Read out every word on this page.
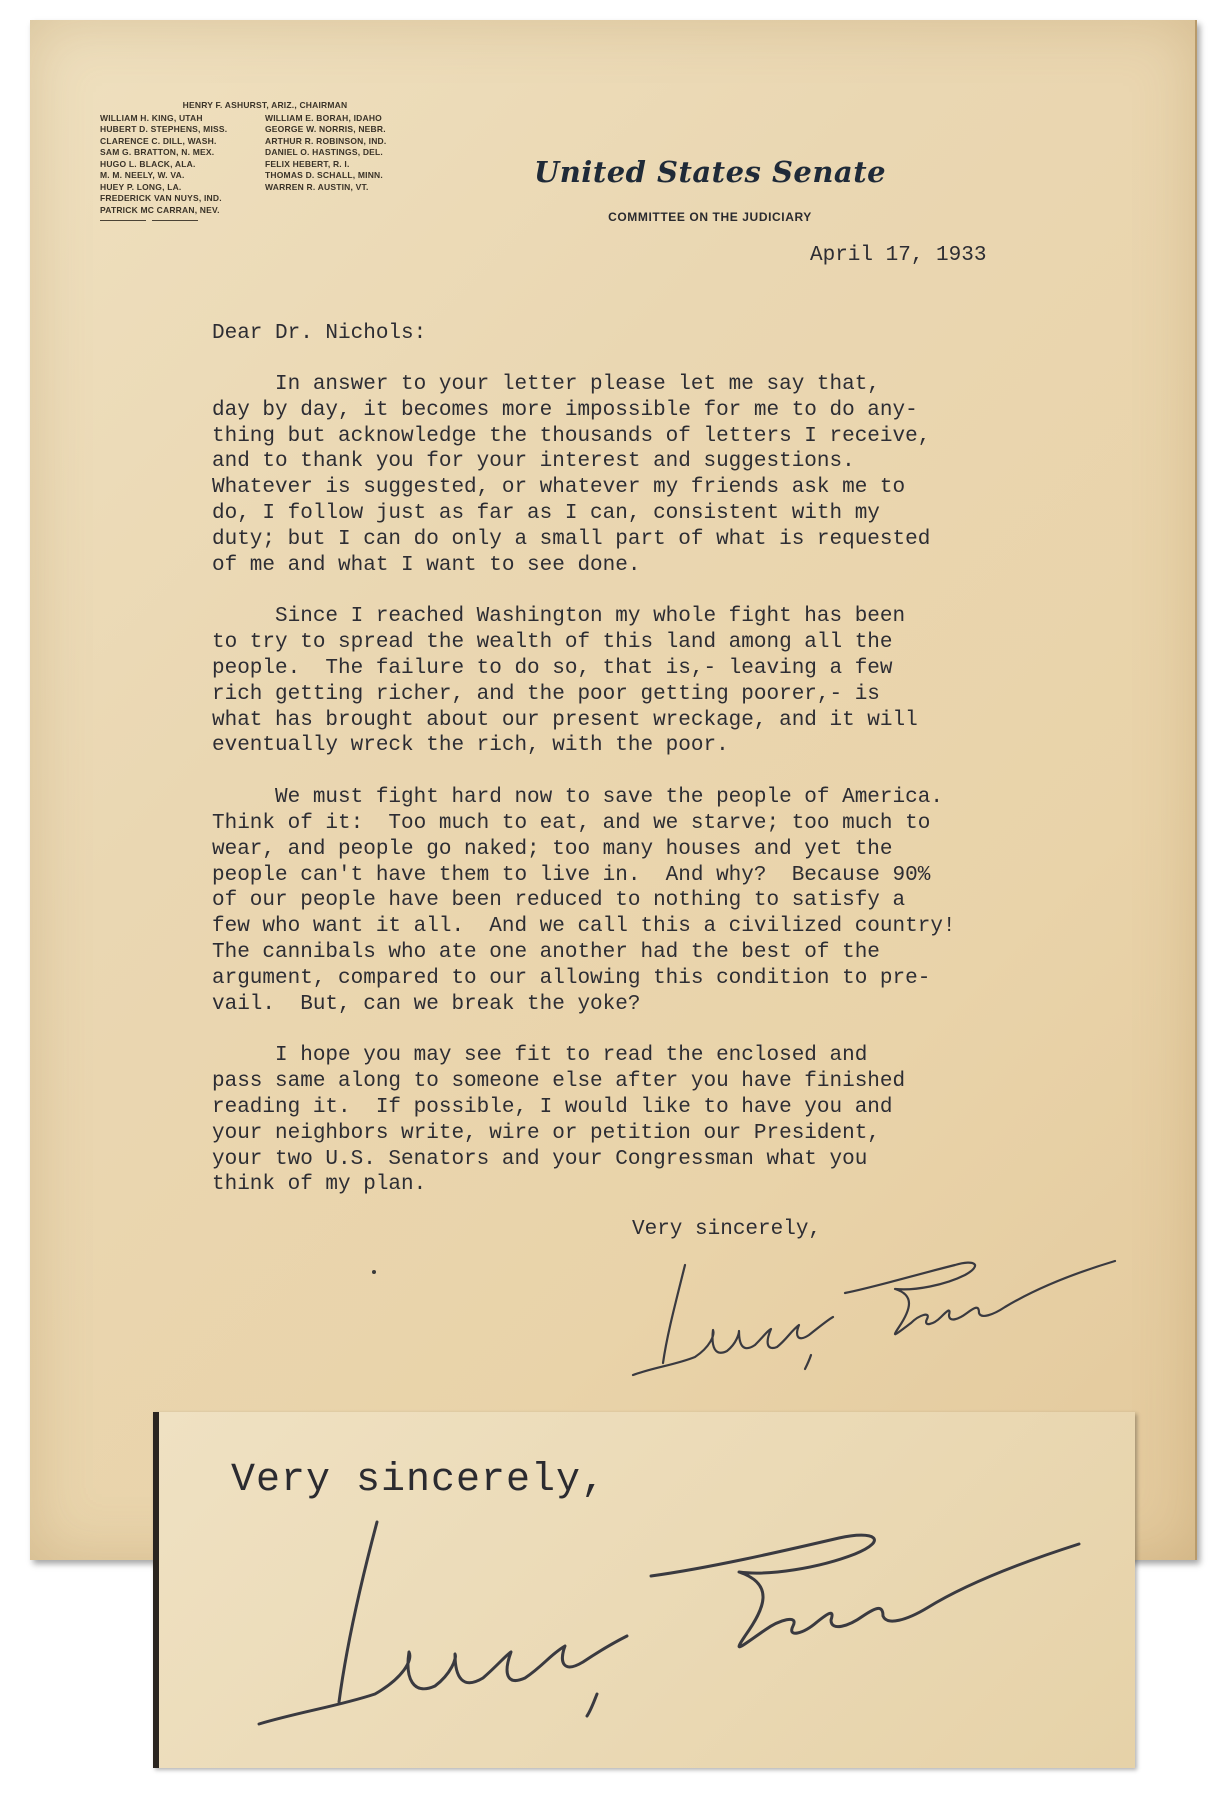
HENRY F. ASHURST, ARIZ., CHAIRMAN
WILLIAM H. KING, UTAH
HUBERT D. STEPHENS, MISS.
CLARENCE C. DILL, WASH.
SAM G. BRATTON, N. MEX.
HUGO L. BLACK, ALA.
M. M. NEELY, W. VA.
HUEY P. LONG, LA.
FREDERICK VAN NUYS, IND.
PATRICK MC CARRAN, NEV.
WILLIAM E. BORAH, IDAHO
GEORGE W. NORRIS, NEBR.
ARTHUR R. ROBINSON, IND.
DANIEL O. HASTINGS, DEL.
FELIX HEBERT, R. I.
THOMAS D. SCHALL, MINN.
WARREN R. AUSTIN, VT.	United States Senate
COMMITTEE ON THE JUDICIARY
April 17, 1933
Dear Dr. Nichols:

In answer to your letter please let me say that,
day by day, it becomes more impossible for me to do any-
thing but acknowledge the thousands of letters I receive,
and to thank you for your interest and suggestions.
Whatever is suggested, or whatever my friends ask me to
do, I follow just as far as I can, consistent with my
duty; but I can do only a small part of what is requested
of me and what I want to see done.

Since I reached Washington my whole fight has been
to try to spread the wealth of this land among all the
people.  The failure to do so, that is,- leaving a few
rich getting richer, and the poor getting poorer,- is
what has brought about our present wreckage, and it will
eventually wreck the rich, with the poor.

We must fight hard now to save the people of America.
Think of it:  Too much to eat, and we starve; too much to
wear, and people go naked; too many houses and yet the
people can't have them to live in.  And why?  Because 90%
of our people have been reduced to nothing to satisfy a
few who want it all.  And we call this a civilized country!
The cannibals who ate one another had the best of the
argument, compared to our allowing this condition to pre-
vail.  But, can we break the yoke?

I hope you may see fit to read the enclosed and
pass same along to someone else after you have finished
reading it.  If possible, I would like to have you and
your neighbors write, wire or petition our President,
your two U.S. Senators and your Congressman what you
think of my plan.

Very sincerely,
Very sincerely,
